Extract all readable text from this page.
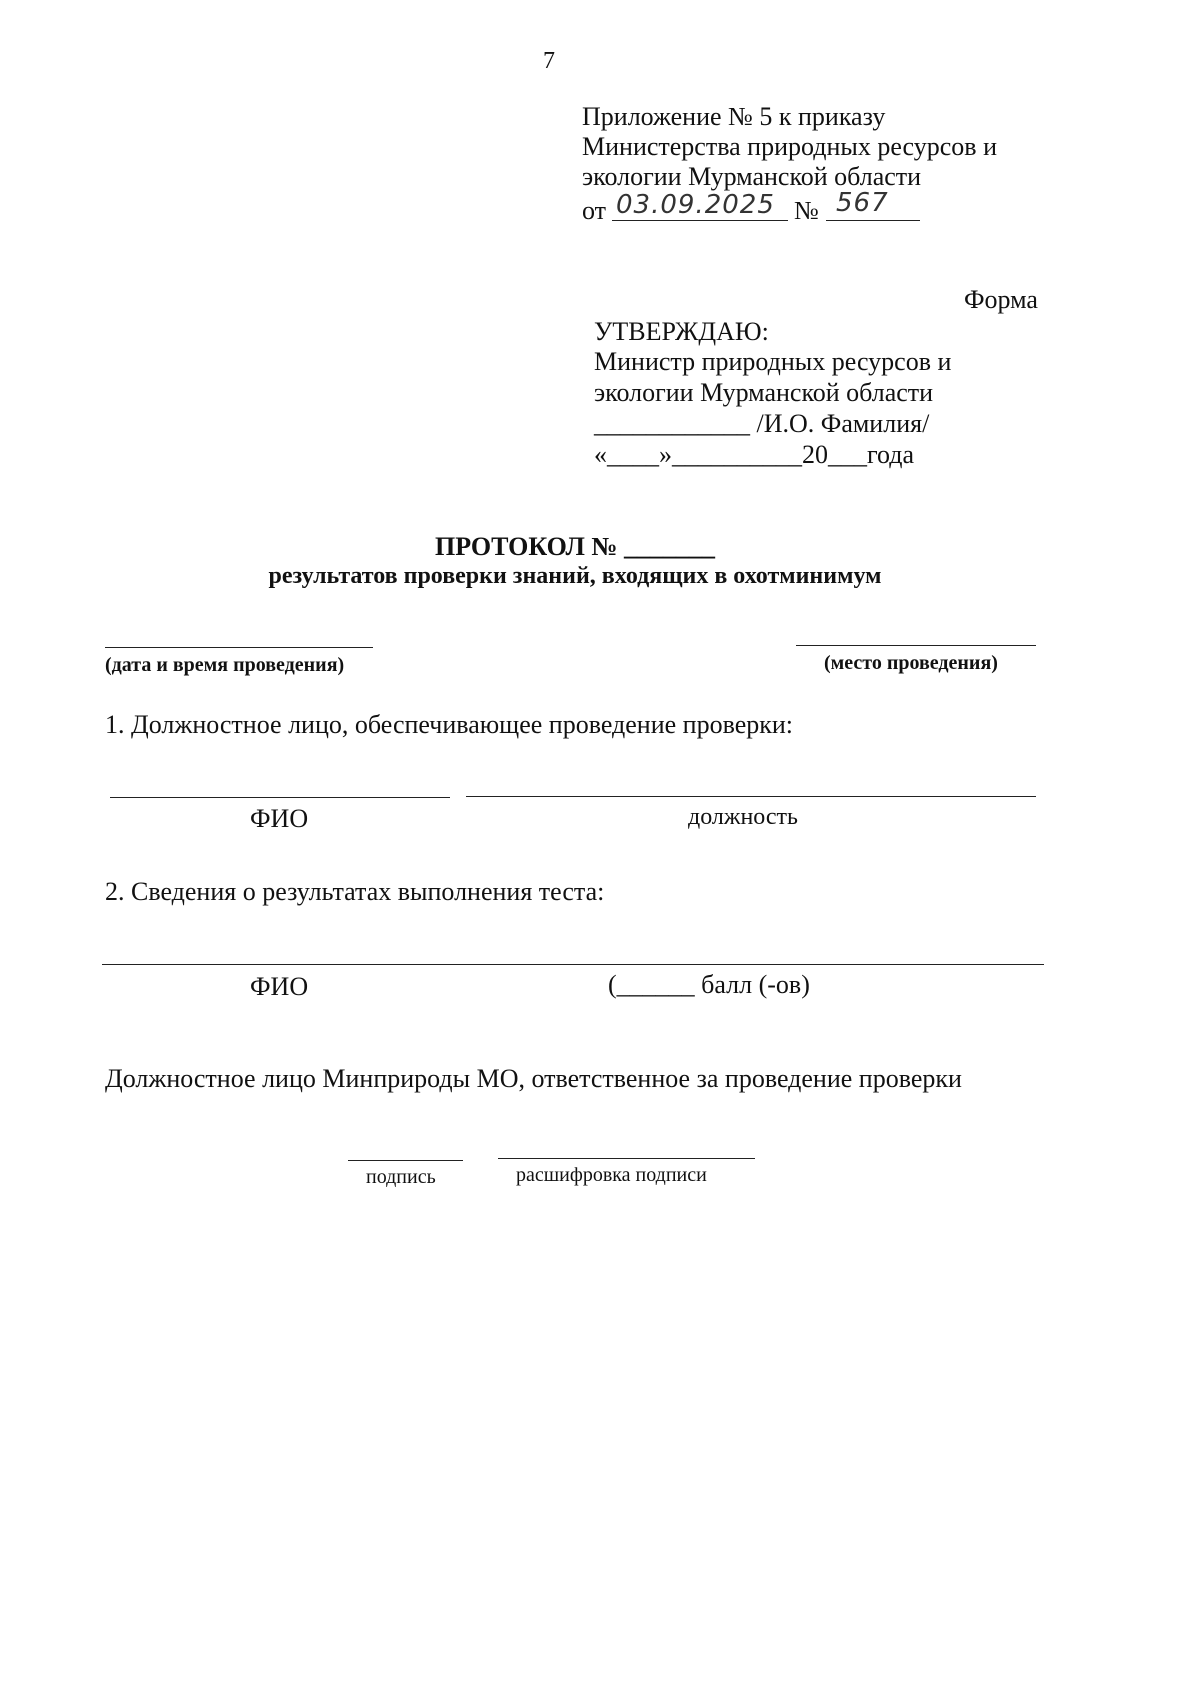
7
Приложение № 5 к приказу
Министерства природных ресурсов и
экологии Мурманской области
от 03.09.2025 № 567
Форма
УТВЕРЖДАЮ:
Министр природных ресурсов и
экологии Мурманской области
____________ /И.О. Фамилия/
«____»__________20___года
ПРОТОКОЛ № _______
результатов проверки знаний, входящих в охотминимум
(дата и время проведения)	(место проведения)
1. Должностное лицо, обеспечивающее проведение проверки:
ФИО	должность
2. Сведения о результатах выполнения теста:
ФИО	(______ балл (-ов)
Должностное лицо Минприроды МО, ответственное за проведение проверки
подпись	расшифровка подписи
